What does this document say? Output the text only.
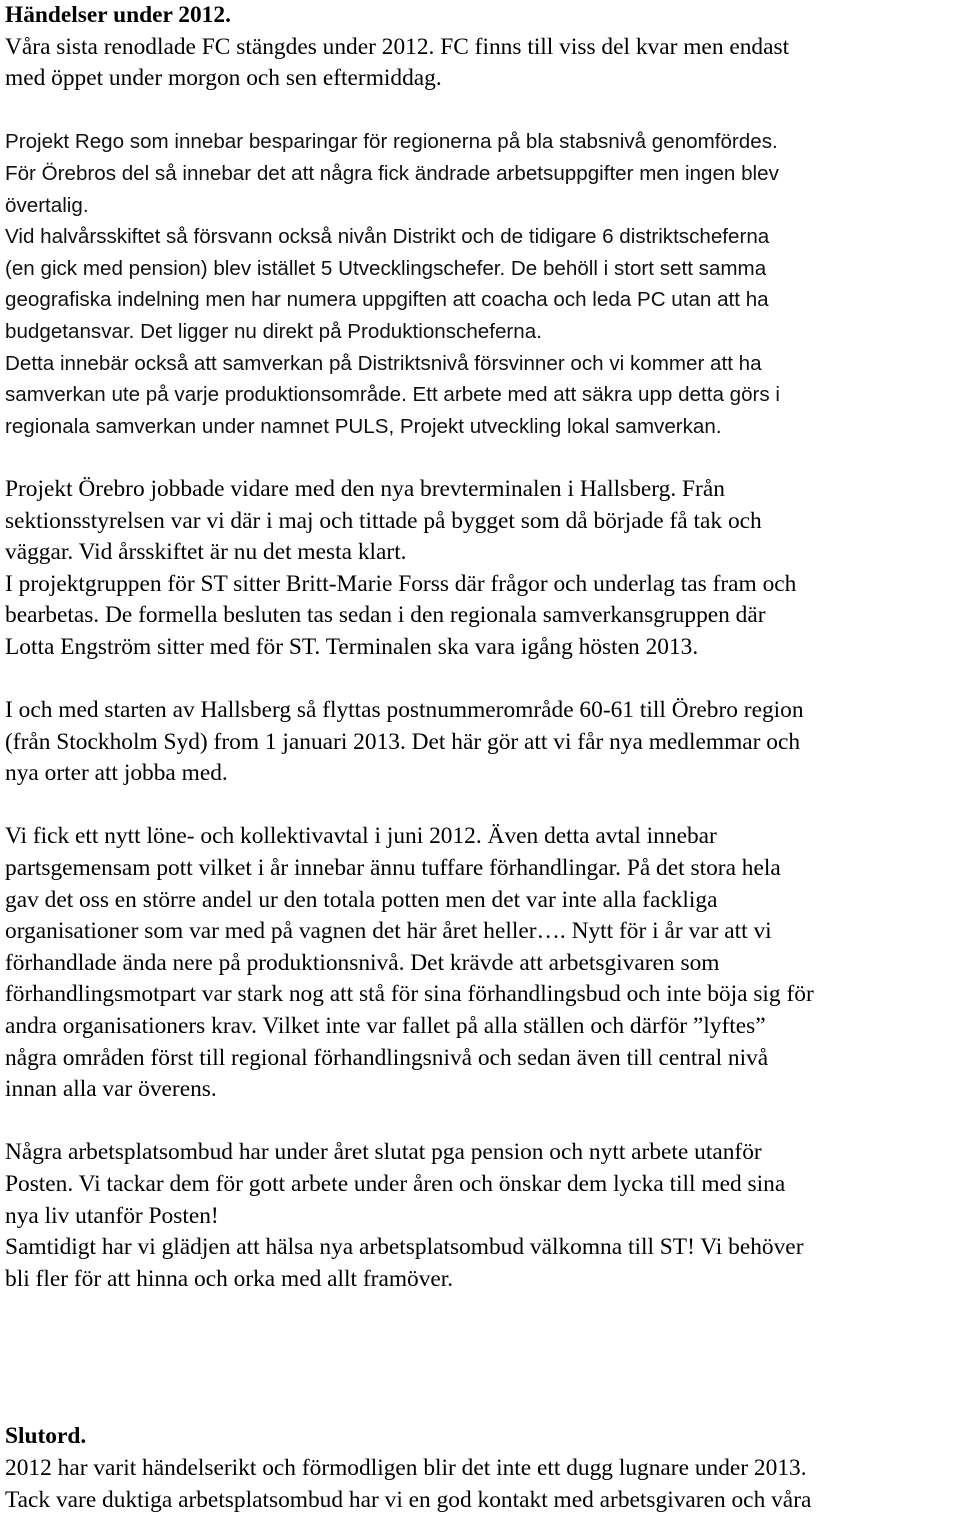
Händelser under 2012.
Våra sista renodlade FC stängdes under 2012. FC finns till viss del kvar men endast
med öppet under morgon och sen eftermiddag.
Projekt Rego som innebar besparingar för regionerna på bla stabsnivå genomfördes.
För Örebros del så innebar det att några fick ändrade arbetsuppgifter men ingen blev
övertalig.
Vid halvårsskiftet så försvann också nivån Distrikt och de tidigare 6 distriktscheferna
(en gick med pension) blev istället 5 Utvecklingschefer. De behöll i stort sett samma
geografiska indelning men har numera uppgiften att coacha och leda PC utan att ha
budgetansvar. Det ligger nu direkt på Produktionscheferna.
Detta innebär också att samverkan på Distriktsnivå försvinner och vi kommer att ha
samverkan ute på varje produktionsområde. Ett arbete med att säkra upp detta görs i
regionala samverkan under namnet PULS, Projekt utveckling lokal samverkan.
Projekt Örebro jobbade vidare med den nya brevterminalen i Hallsberg. Från
sektionsstyrelsen var vi där i maj och tittade på bygget som då började få tak och
väggar. Vid årsskiftet är nu det mesta klart.
I projektgruppen för ST sitter Britt-Marie Forss där frågor och underlag tas fram och
bearbetas. De formella besluten tas sedan i den regionala samverkansgruppen där
Lotta Engström sitter med för ST. Terminalen ska vara igång hösten 2013.
I och med starten av Hallsberg så flyttas postnummerområde 60-61 till Örebro region
(från Stockholm Syd) from 1 januari 2013. Det här gör att vi får nya medlemmar och
nya orter att jobba med.
Vi fick ett nytt löne- och kollektivavtal i juni 2012. Även detta avtal innebar
partsgemensam pott vilket i år innebar ännu tuffare förhandlingar. På det stora hela
gav det oss en större andel ur den totala potten men det var inte alla fackliga
organisationer som var med på vagnen det här året heller…. Nytt för i år var att vi
förhandlade ända nere på produktionsnivå. Det krävde att arbetsgivaren som
förhandlingsmotpart var stark nog att stå för sina förhandlingsbud och inte böja sig för
andra organisationers krav. Vilket inte var fallet på alla ställen och därför ”lyftes”
några områden först till regional förhandlingsnivå och sedan även till central nivå
innan alla var överens.
Några arbetsplatsombud har under året slutat pga pension och nytt arbete utanför
Posten. Vi tackar dem för gott arbete under åren och önskar dem lycka till med sina
nya liv utanför Posten!
Samtidigt har vi glädjen att hälsa nya arbetsplatsombud välkomna till ST! Vi behöver
bli fler för att hinna och orka med allt framöver.
Slutord.
2012 har varit händelserikt och förmodligen blir det inte ett dugg lugnare under 2013.
Tack vare duktiga arbetsplatsombud har vi en god kontakt med arbetsgivaren och våra
